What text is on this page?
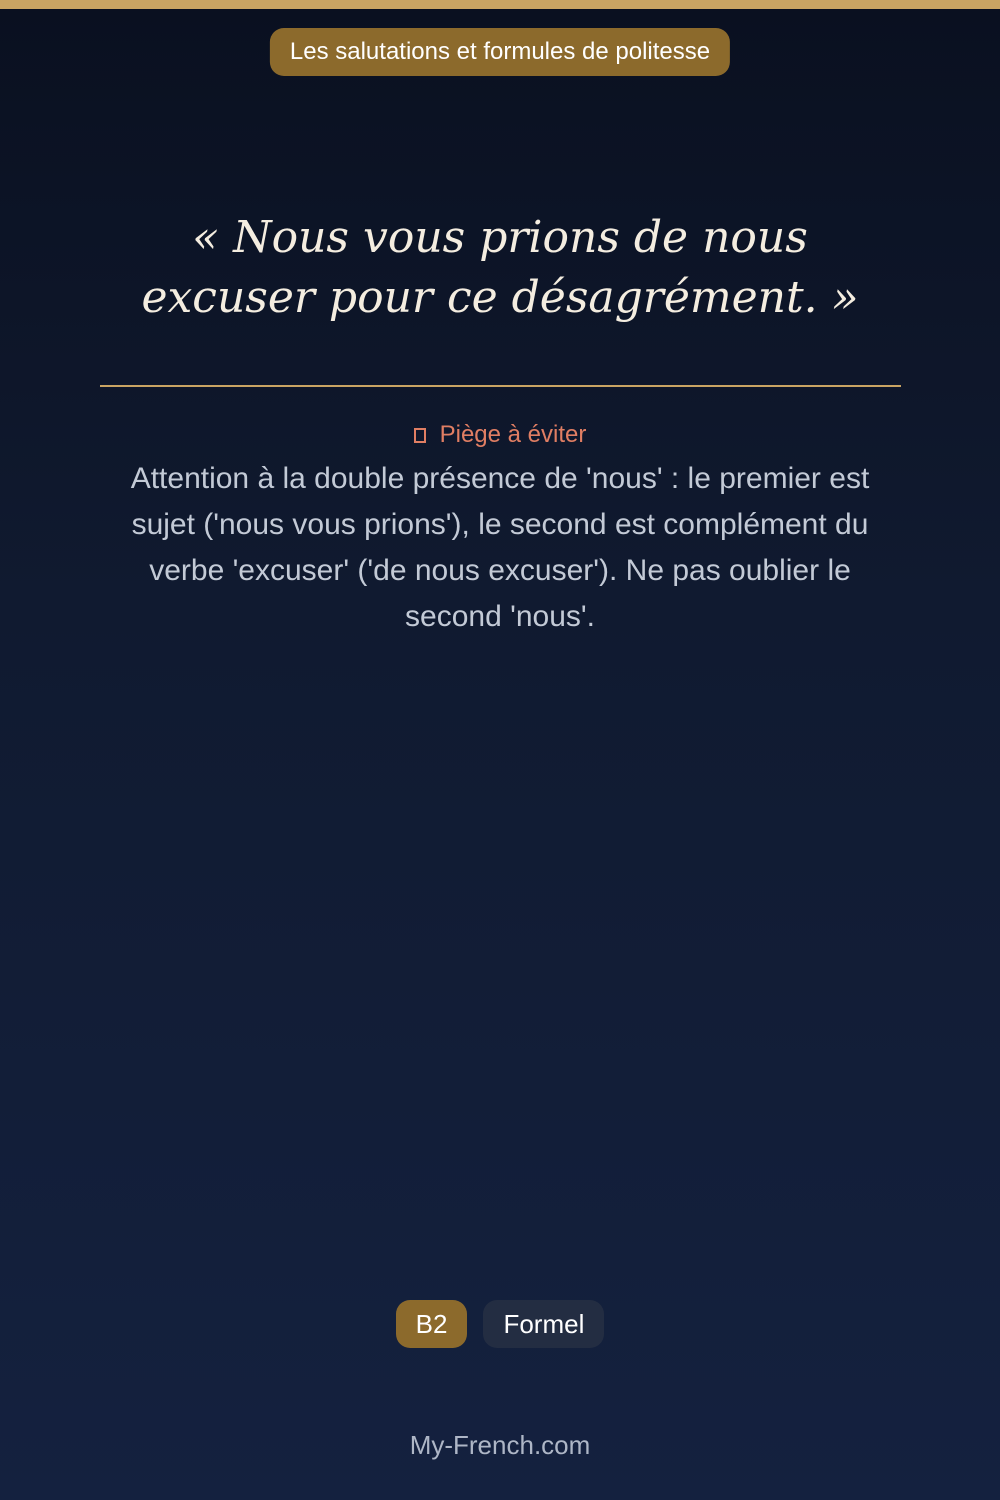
Les salutations et formules de politesse

« Nous vous prions de nous excuser pour ce désagrément. »

Piège à éviter

Attention à la double présence de 'nous' : le premier est sujet ('nous vous prions'), le second est complément du verbe 'excuser' ('de nous excuser'). Ne pas oublier le second 'nous'.

B2	Formel
My-French.com
